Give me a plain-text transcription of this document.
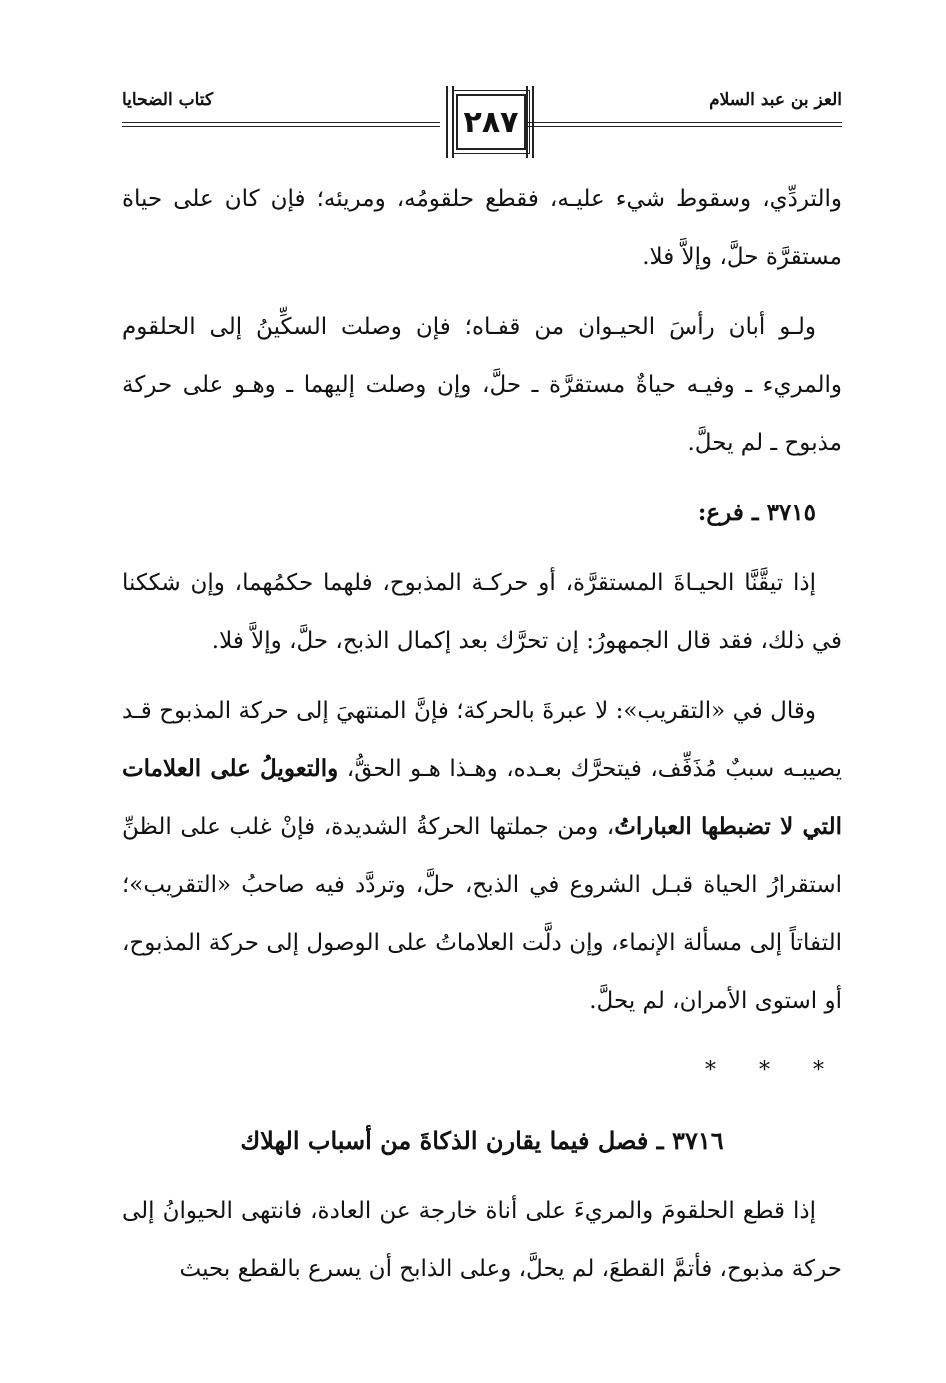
العز بن عبد السلام
كتاب الضحايا
٢٨٧

والتردِّي، وسقوط شيء عليـه، فقطع حلقومُه، ومريئه؛ فإن كان على حياة مستقرَّة حلَّ، وإلاَّ فلا.

ولـو أبان رأسَ الحيـوان من قفـاه؛ فإن وصلت السكِّينُ إلى الحلقوم والمريء ـ وفيـه حياةٌ مستقرَّة ـ حلَّ، وإن وصلت إليهما ـ وهـو على حركة مذبوح ـ لم يحلَّ.

٣٧١٥ ـ فرع:

إذا تيقَّنَّا الحيـاةَ المستقرَّة، أو حركـة المذبوح، فلهما حكمُهما، وإن شككنا في ذلك، فقد قال الجمهورُ: إن تحرَّك بعد إكمال الذبح، حلَّ، وإلاَّ فلا.

وقال في «التقريب»: لا عبرةَ بالحركة؛ فإنَّ المنتهيَ إلى حركة المذبوح قـد يصيبـه سببٌ مُذَفِّف، فيتحرَّك بعـده، وهـذا هـو الحقُّ، والتعويلُ على العلامات التي لا تضبطها العباراتُ، ومن جملتها الحركةُ الشديدة، فإنْ غلب على الظنِّ استقرارُ الحياة قبـل الشروع في الذبح، حلَّ، وتردَّد فيه صاحبُ «التقريب»؛ التفاتاً إلى مسألة الإنماء، وإن دلَّت العلاماتُ على الوصول إلى حركة المذبوح، أو استوى الأمران، لم يحلَّ.

* * *

٣٧١٦ ـ فصل فيما يقارن الذكاةَ من أسباب الهلاك

إذا قطع الحلقومَ والمريءَ على أناة خارجة عن العادة، فانتهى الحيوانُ إلى حركة مذبوح، فأتمَّ القطعَ، لم يحلَّ، وعلى الذابح أن يسرع بالقطع بحيث
